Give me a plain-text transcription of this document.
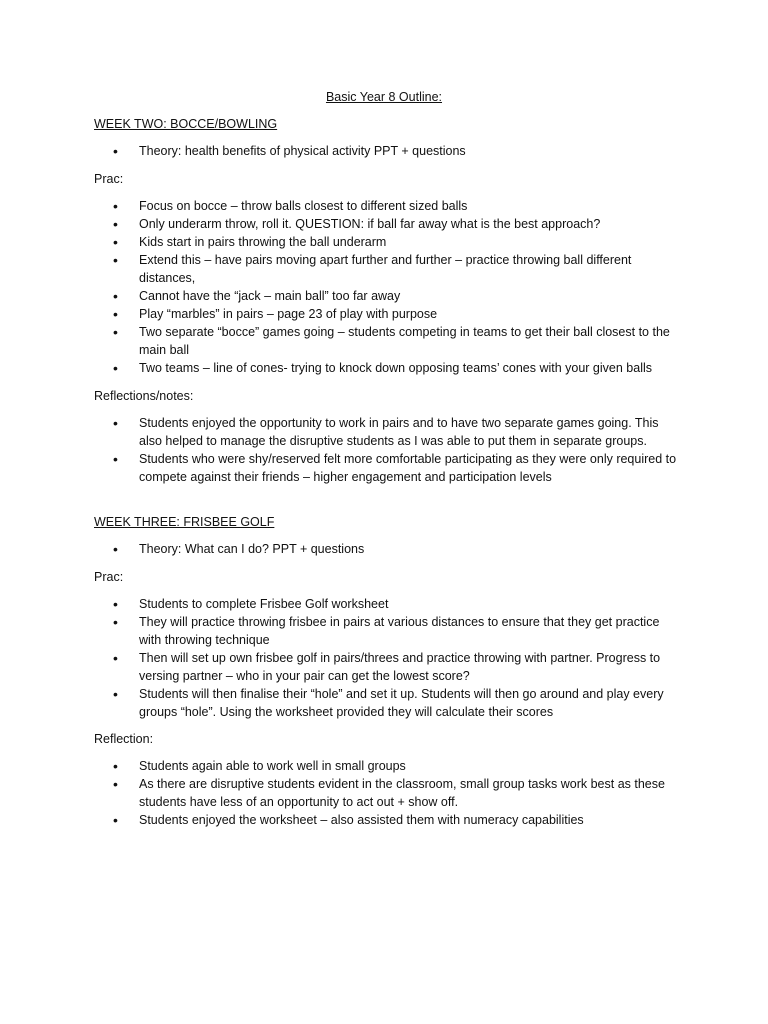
Basic Year 8 Outline:
WEEK TWO: BOCCE/BOWLING
• Theory: health benefits of physical activity PPT + questions
Prac:
• Focus on bocce – throw balls closest to different sized balls
• Only underarm throw, roll it. QUESTION: if ball far away what is the best approach?
• Kids start in pairs throwing the ball underarm
• Extend this – have pairs moving apart further and further – practice throwing ball different distances,
• Cannot have the “jack – main ball” too far away
• Play “marbles” in pairs – page 23 of play with purpose
• Two separate “bocce” games going – students competing in teams to get their ball closest to the main ball
• Two teams – line of cones- trying to knock down opposing teams’ cones with your given balls
Reflections/notes:
• Students enjoyed the opportunity to work in pairs and to have two separate games going. This also helped to manage the disruptive students as I was able to put them in separate groups.
• Students who were shy/reserved felt more comfortable participating as they were only required to compete against their friends – higher engagement and participation levels
WEEK THREE: FRISBEE GOLF
• Theory: What can I do? PPT + questions
Prac:
• Students to complete Frisbee Golf worksheet
• They will practice throwing frisbee in pairs at various distances to ensure that they get practice with throwing technique
• Then will set up own frisbee golf in pairs/threes and practice throwing with partner. Progress to versing partner – who in your pair can get the lowest score?
• Students will then finalise their “hole” and set it up. Students will then go around and play every groups “hole”. Using the worksheet provided they will calculate their scores
Reflection:
• Students again able to work well in small groups
• As there are disruptive students evident in the classroom, small group tasks work best as these students have less of an opportunity to act out + show off.
• Students enjoyed the worksheet – also assisted them with numeracy capabilities
